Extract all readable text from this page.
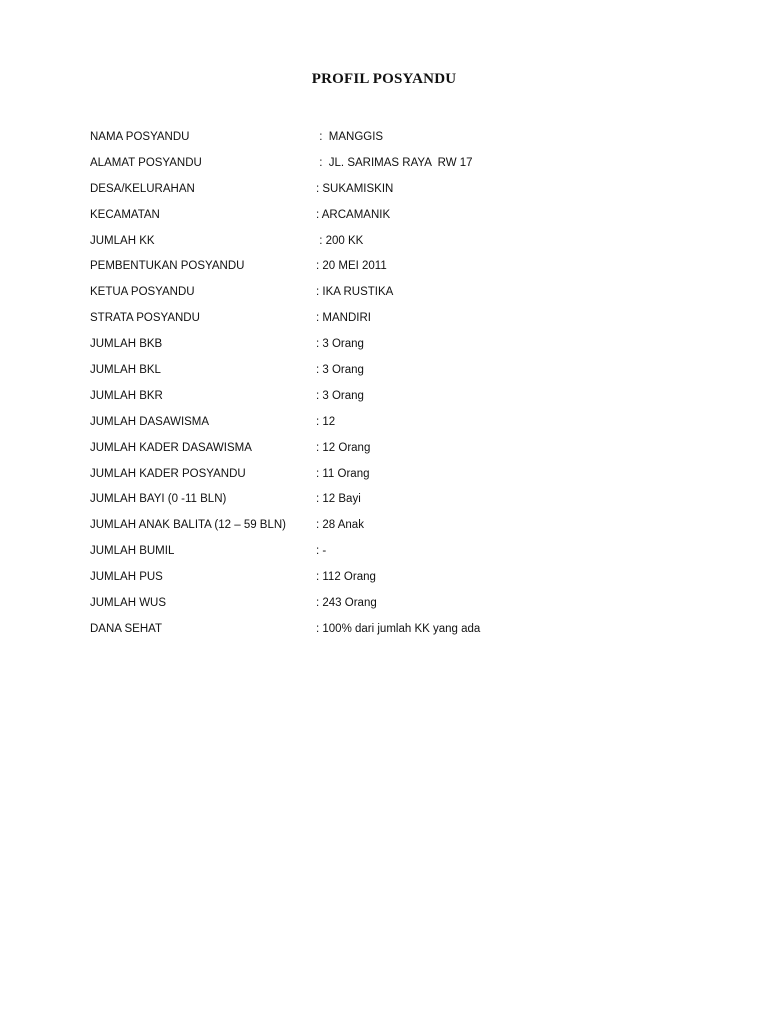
PROFIL POSYANDU
NAMA POSYANDU	:  MANGGIS
ALAMAT POSYANDU	:  JL. SARIMAS RAYA  RW 17
DESA/KELURAHAN	: SUKAMISKIN
KECAMATAN	: ARCAMANIK
JUMLAH KK	: 200 KK
PEMBENTUKAN POSYANDU	: 20 MEI 2011
KETUA POSYANDU	: IKA RUSTIKA
STRATA POSYANDU	: MANDIRI
JUMLAH BKB	: 3 Orang
JUMLAH BKL	: 3 Orang
JUMLAH BKR	: 3 Orang
JUMLAH DASAWISMA	: 12
JUMLAH KADER DASAWISMA	: 12 Orang
JUMLAH KADER POSYANDU	: 11 Orang
JUMLAH BAYI (0 -11 BLN)	: 12 Bayi
JUMLAH ANAK BALITA (12 – 59 BLN)	: 28 Anak
JUMLAH BUMIL	: -
JUMLAH PUS	: 112 Orang
JUMLAH WUS	: 243 Orang
DANA SEHAT	: 100% dari jumlah KK yang ada
